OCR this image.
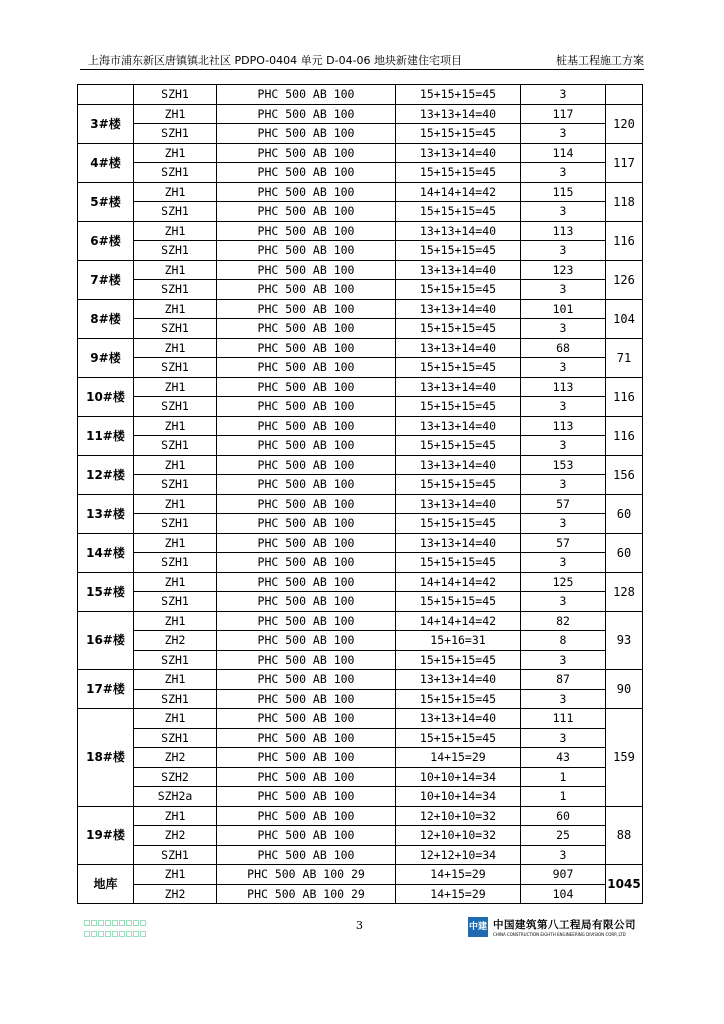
上海市浦东新区唐镇镇北社区 PDPO-0404 单元 D-04-06 地块新建住宅项目	桩基工程施工方案
	SZH1	PHC 500 AB 100	15+15+15=45	3	
3#楼	ZH1	PHC 500 AB 100	13+13+14=40	117	120
	SZH1	PHC 500 AB 100	15+15+15=45	3	
4#楼	ZH1	PHC 500 AB 100	13+13+14=40	114	117
	SZH1	PHC 500 AB 100	15+15+15=45	3	
5#楼	ZH1	PHC 500 AB 100	14+14+14=42	115	118
	SZH1	PHC 500 AB 100	15+15+15=45	3	
6#楼	ZH1	PHC 500 AB 100	13+13+14=40	113	116
	SZH1	PHC 500 AB 100	15+15+15=45	3	
7#楼	ZH1	PHC 500 AB 100	13+13+14=40	123	126
	SZH1	PHC 500 AB 100	15+15+15=45	3	
8#楼	ZH1	PHC 500 AB 100	13+13+14=40	101	104
	SZH1	PHC 500 AB 100	15+15+15=45	3	
9#楼	ZH1	PHC 500 AB 100	13+13+14=40	68	71
	SZH1	PHC 500 AB 100	15+15+15=45	3	
10#楼	ZH1	PHC 500 AB 100	13+13+14=40	113	116
	SZH1	PHC 500 AB 100	15+15+15=45	3	
11#楼	ZH1	PHC 500 AB 100	13+13+14=40	113	116
	SZH1	PHC 500 AB 100	15+15+15=45	3	
12#楼	ZH1	PHC 500 AB 100	13+13+14=40	153	156
	SZH1	PHC 500 AB 100	15+15+15=45	3	
13#楼	ZH1	PHC 500 AB 100	13+13+14=40	57	60
	SZH1	PHC 500 AB 100	15+15+15=45	3	
14#楼	ZH1	PHC 500 AB 100	13+13+14=40	57	60
	SZH1	PHC 500 AB 100	15+15+15=45	3	
15#楼	ZH1	PHC 500 AB 100	14+14+14=42	125	128
	SZH1	PHC 500 AB 100	15+15+15=45	3	
16#楼	ZH1	PHC 500 AB 100	14+14+14=42	82	93
	ZH2	PHC 500 AB 100	15+16=31	8	
	SZH1	PHC 500 AB 100	15+15+15=45	3	
17#楼	ZH1	PHC 500 AB 100	13+13+14=40	87	90
	SZH1	PHC 500 AB 100	15+15+15=45	3	
18#楼	ZH1	PHC 500 AB 100	13+13+14=40	111	159
	SZH1	PHC 500 AB 100	15+15+15=45	3	
	ZH2	PHC 500 AB 100	14+15=29	43	
	SZH2	PHC 500 AB 100	10+10+14=34	1	
	SZH2a	PHC 500 AB 100	10+10+14=34	1	
19#楼	ZH1	PHC 500 AB 100	12+10+10=32	60	88
	ZH2	PHC 500 AB 100	12+10+10=32	25	
	SZH1	PHC 500 AB 100	12+12+10=34	3	
地库	ZH1	PHC 500 AB 100 29	14+15=29	907	1045
	ZH2	PHC 500 AB 100 29	14+15=29	104	
3	中建 中国建筑第八工程局有限公司
CHINA CONSTRUCTION EIGHTH ENGINEERING DIVISION CORP.,LTD
